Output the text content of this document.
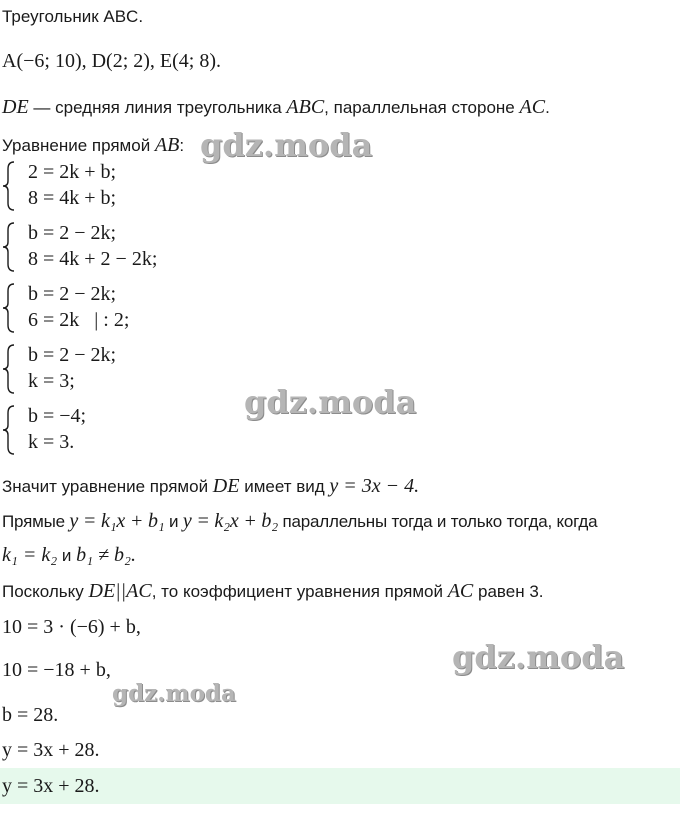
Треугольник ABC.
A(−6; 10), D(2; 2), E(4; 8).
DE — средняя линия треугольника ABC, параллельная стороне AC.
Уравнение прямой AB:
2 = 2k + b;
8 = 4k + b;
b = 2 − 2k;
8 = 4k + 2 − 2k;
b = 2 − 2k;
6 = 2k   | : 2;
b = 2 − 2k;
k = 3;
b = −4;
k = 3.
Значит уравнение прямой DE имеет вид y = 3x − 4.
Прямые y = k₁x + b₁ и y = k₂x + b₂ параллельны тогда и только тогда, когда
k₁ = k₂ и b₁ ≠ b₂.
Поскольку DE||AC, то коэффициент уравнения прямой AC равен 3.
10 = 3 · (−6) + b,
10 = −18 + b,
b = 28.
y = 3x + 28.
y = 3x + 28.
gdz.moda
gdz.moda
gdz.moda
gdz.moda
